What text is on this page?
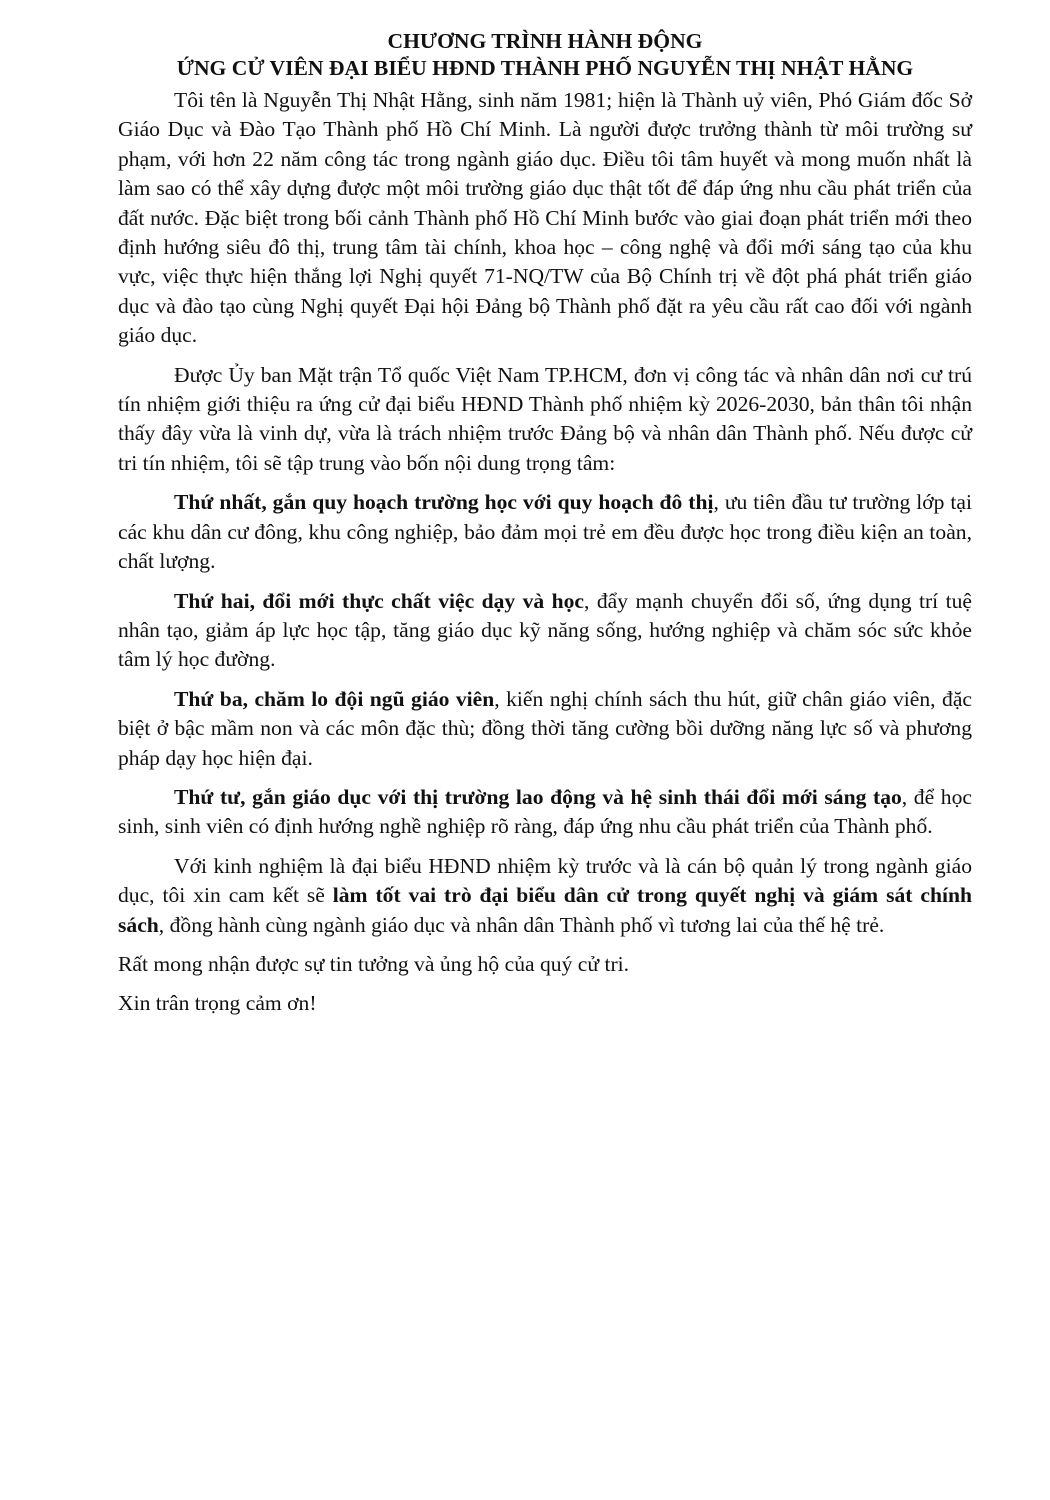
CHƯƠNG TRÌNH HÀNH ĐỘNG
ỨNG CỬ VIÊN ĐẠI BIỂU HĐND THÀNH PHỐ NGUYỄN THỊ NHẬT HẰNG

Tôi tên là Nguyễn Thị Nhật Hằng, sinh năm 1981; hiện là Thành uỷ viên, Phó Giám đốc Sở Giáo Dục và Đào Tạo Thành phố Hồ Chí Minh. Là người được trưởng thành từ môi trường sư phạm, với hơn 22 năm công tác trong ngành giáo dục. Điều tôi tâm huyết và mong muốn nhất là làm sao có thể xây dựng được một môi trường giáo dục thật tốt để đáp ứng nhu cầu phát triển của đất nước. Đặc biệt trong bối cảnh Thành phố Hồ Chí Minh bước vào giai đoạn phát triển mới theo định hướng siêu đô thị, trung tâm tài chính, khoa học – công nghệ và đổi mới sáng tạo của khu vực, việc thực hiện thắng lợi Nghị quyết 71-NQ/TW của Bộ Chính trị về đột phá phát triển giáo dục và đào tạo cùng Nghị quyết Đại hội Đảng bộ Thành phố đặt ra yêu cầu rất cao đối với ngành giáo dục.

Được Ủy ban Mặt trận Tổ quốc Việt Nam TP.HCM, đơn vị công tác và nhân dân nơi cư trú tín nhiệm giới thiệu ra ứng cử đại biểu HĐND Thành phố nhiệm kỳ 2026-2030, bản thân tôi nhận thấy đây vừa là vinh dự, vừa là trách nhiệm trước Đảng bộ và nhân dân Thành phố. Nếu được cử tri tín nhiệm, tôi sẽ tập trung vào bốn nội dung trọng tâm:

Thứ nhất, gắn quy hoạch trường học với quy hoạch đô thị, ưu tiên đầu tư trường lớp tại các khu dân cư đông, khu công nghiệp, bảo đảm mọi trẻ em đều được học trong điều kiện an toàn, chất lượng.

Thứ hai, đổi mới thực chất việc dạy và học, đẩy mạnh chuyển đổi số, ứng dụng trí tuệ nhân tạo, giảm áp lực học tập, tăng giáo dục kỹ năng sống, hướng nghiệp và chăm sóc sức khỏe tâm lý học đường.

Thứ ba, chăm lo đội ngũ giáo viên, kiến nghị chính sách thu hút, giữ chân giáo viên, đặc biệt ở bậc mầm non và các môn đặc thù; đồng thời tăng cường bồi dưỡng năng lực số và phương pháp dạy học hiện đại.

Thứ tư, gắn giáo dục với thị trường lao động và hệ sinh thái đổi mới sáng tạo, để học sinh, sinh viên có định hướng nghề nghiệp rõ ràng, đáp ứng nhu cầu phát triển của Thành phố.

Với kinh nghiệm là đại biểu HĐND nhiệm kỳ trước và là cán bộ quản lý trong ngành giáo dục, tôi xin cam kết sẽ làm tốt vai trò đại biểu dân cử trong quyết nghị và giám sát chính sách, đồng hành cùng ngành giáo dục và nhân dân Thành phố vì tương lai của thế hệ trẻ.

Rất mong nhận được sự tin tưởng và ủng hộ của quý cử tri.

Xin trân trọng cảm ơn!
